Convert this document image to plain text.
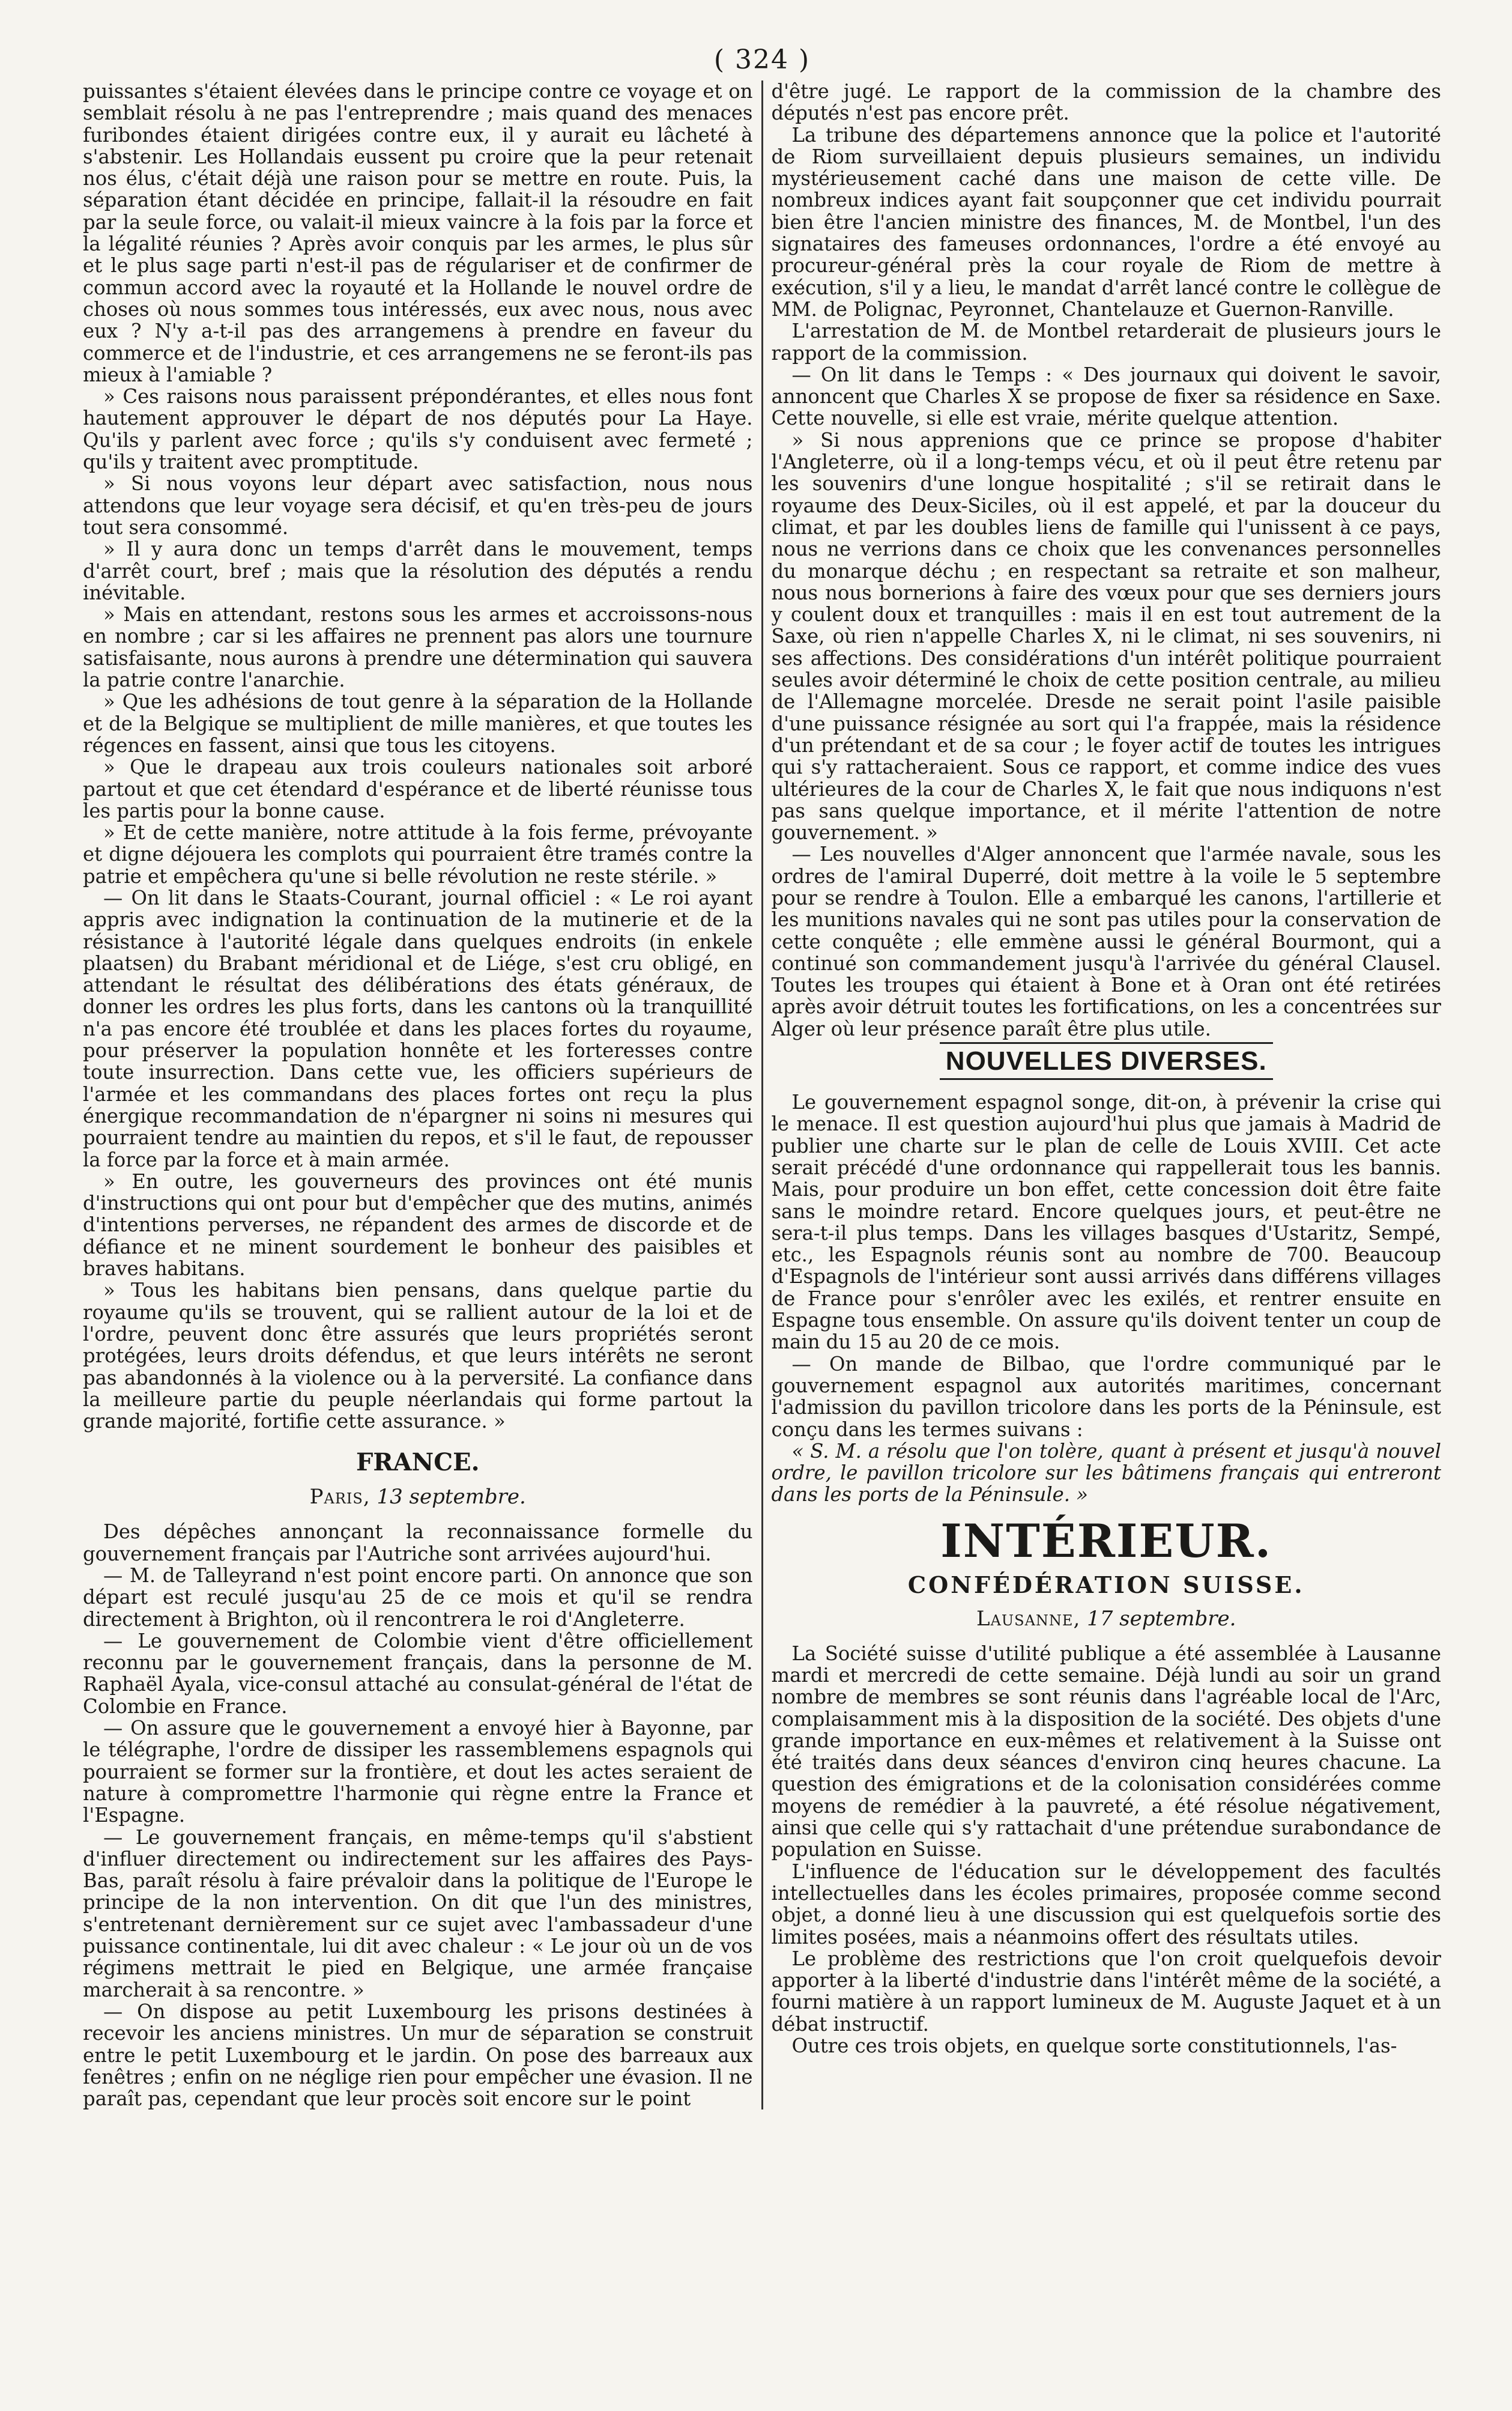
( 324 )

puissantes s'étaient élevées dans le principe contre ce voyage et on semblait résolu à ne pas l'entreprendre ; mais quand des menaces furibondes étaient dirigées contre eux, il y aurait eu lâcheté à s'abstenir. Les Hollandais eussent pu croire que la peur retenait nos élus, c'était déjà une raison pour se mettre en route. Puis, la séparation étant décidée en principe, fallait-il la résoudre en fait par la seule force, ou valait-il mieux vaincre à la fois par la force et la légalité réunies ? Après avoir conquis par les armes, le plus sûr et le plus sage parti n'est-il pas de régulariser et de confirmer de commun accord avec la royauté et la Hollande le nouvel ordre de choses où nous sommes tous intéressés, eux avec nous, nous avec eux ? N'y a-t-il pas des arrangemens à prendre en faveur du commerce et de l'industrie, et ces arrangemens ne se feront-ils pas mieux à l'amiable ?

» Ces raisons nous paraissent prépondérantes, et elles nous font hautement approuver le départ de nos députés pour La Haye. Qu'ils y parlent avec force ; qu'ils s'y conduisent avec fermeté ; qu'ils y traitent avec promptitude.

» Si nous voyons leur départ avec satisfaction, nous nous attendons que leur voyage sera décisif, et qu'en très-peu de jours tout sera consommé.

» Il y aura donc un temps d'arrêt dans le mouvement, temps d'arrêt court, bref ; mais que la résolution des députés a rendu inévitable.

» Mais en attendant, restons sous les armes et accroissons-nous en nombre ; car si les affaires ne prennent pas alors une tournure satisfaisante, nous aurons à prendre une détermination qui sauvera la patrie contre l'anarchie.

» Que les adhésions de tout genre à la séparation de la Hollande et de la Belgique se multiplient de mille manières, et que toutes les régences en fassent, ainsi que tous les citoyens.

» Que le drapeau aux trois couleurs nationales soit arboré partout et que cet étendard d'espérance et de liberté réunisse tous les partis pour la bonne cause.

» Et de cette manière, notre attitude à la fois ferme, prévoyante et digne déjouera les complots qui pourraient être tramés contre la patrie et empêchera qu'une si belle révolution ne reste stérile. »

— On lit dans le Staats-Courant, journal officiel : « Le roi ayant appris avec indignation la continuation de la mutinerie et de la résistance à l'autorité légale dans quelques endroits (in enkele plaatsen) du Brabant méridional et de Liége, s'est cru obligé, en attendant le résultat des délibérations des états généraux, de donner les ordres les plus forts, dans les cantons où la tranquillité n'a pas encore été troublée et dans les places fortes du royaume, pour préserver la population honnête et les forteresses contre toute insurrection. Dans cette vue, les officiers supérieurs de l'armée et les commandans des places fortes ont reçu la plus énergique recommandation de n'épargner ni soins ni mesures qui pourraient tendre au maintien du repos, et s'il le faut, de repousser la force par la force et à main armée.

» En outre, les gouverneurs des provinces ont été munis d'instructions qui ont pour but d'empêcher que des mutins, animés d'intentions perverses, ne répandent des armes de discorde et de défiance et ne minent sourdement le bonheur des paisibles et braves habitans.

» Tous les habitans bien pensans, dans quelque partie du royaume qu'ils se trouvent, qui se rallient autour de la loi et de l'ordre, peuvent donc être assurés que leurs propriétés seront protégées, leurs droits défendus, et que leurs intérêts ne seront pas abandonnés à la violence ou à la perversité. La confiance dans la meilleure partie du peuple néerlandais qui forme partout la grande majorité, fortifie cette assurance. »

FRANCE.
Paris, 13 septembre.

Des dépêches annonçant la reconnaissance formelle du gouvernement français par l'Autriche sont arrivées aujourd'hui.

— M. de Talleyrand n'est point encore parti. On annonce que son départ est reculé jusqu'au 25 de ce mois et qu'il se rendra directement à Brighton, où il rencontrera le roi d'Angleterre.

— Le gouvernement de Colombie vient d'être officiellement reconnu par le gouvernement français, dans la personne de M. Raphaël Ayala, vice-consul attaché au consulat-général de l'état de Colombie en France.

— On assure que le gouvernement a envoyé hier à Bayonne, par le télégraphe, l'ordre de dissiper les rassemblemens espagnols qui pourraient se former sur la frontière, et dout les actes seraient de nature à compromettre l'harmonie qui règne entre la France et l'Espagne.

— Le gouvernement français, en même-temps qu'il s'abstient d'influer directement ou indirectement sur les affaires des Pays-Bas, paraît résolu à faire prévaloir dans la politique de l'Europe le principe de la non intervention. On dit que l'un des ministres, s'entretenant dernièrement sur ce sujet avec l'ambassadeur d'une puissance continentale, lui dit avec chaleur : « Le jour où un de vos régimens mettrait le pied en Belgique, une armée française marcherait à sa rencontre. »

— On dispose au petit Luxembourg les prisons destinées à recevoir les anciens ministres. Un mur de séparation se construit entre le petit Luxembourg et le jardin. On pose des barreaux aux fenêtres ; enfin on ne néglige rien pour empêcher une évasion. Il ne paraît pas, cependant que leur procès soit encore sur le point

d'être jugé. Le rapport de la commission de la chambre des députés n'est pas encore prêt.

La tribune des départemens annonce que la police et l'autorité de Riom surveillaient depuis plusieurs semaines, un individu mystérieusement caché dans une maison de cette ville. De nombreux indices ayant fait soupçonner que cet individu pourrait bien être l'ancien ministre des finances, M. de Montbel, l'un des signataires des fameuses ordonnances, l'ordre a été envoyé au procureur-général près la cour royale de Riom de mettre à exécution, s'il y a lieu, le mandat d'arrêt lancé contre le collègue de MM. de Polignac, Peyronnet, Chantelauze et Guernon-Ranville.

L'arrestation de M. de Montbel retarderait de plusieurs jours le rapport de la commission.

— On lit dans le Temps : « Des journaux qui doivent le savoir, annoncent que Charles X se propose de fixer sa résidence en Saxe. Cette nouvelle, si elle est vraie, mérite quelque attention.

» Si nous apprenions que ce prince se propose d'habiter l'Angleterre, où il a long-temps vécu, et où il peut être retenu par les souvenirs d'une longue hospitalité ; s'il se retirait dans le royaume des Deux-Siciles, où il est appelé, et par la douceur du climat, et par les doubles liens de famille qui l'unissent à ce pays, nous ne verrions dans ce choix que les convenances personnelles du monarque déchu ; en respectant sa retraite et son malheur, nous nous bornerions à faire des vœux pour que ses derniers jours y coulent doux et tranquilles : mais il en est tout autrement de la Saxe, où rien n'appelle Charles X, ni le climat, ni ses souvenirs, ni ses affections. Des considérations d'un intérêt politique pourraient seules avoir déterminé le choix de cette position centrale, au milieu de l'Allemagne morcelée. Dresde ne serait point l'asile paisible d'une puissance résignée au sort qui l'a frappée, mais la résidence d'un prétendant et de sa cour ; le foyer actif de toutes les intrigues qui s'y rattacheraient. Sous ce rapport, et comme indice des vues ultérieures de la cour de Charles X, le fait que nous indiquons n'est pas sans quelque importance, et il mérite l'attention de notre gouvernement. »

— Les nouvelles d'Alger annoncent que l'armée navale, sous les ordres de l'amiral Duperré, doit mettre à la voile le 5 septembre pour se rendre à Toulon. Elle a embarqué les canons, l'artillerie et les munitions navales qui ne sont pas utiles pour la conservation de cette conquête ; elle emmène aussi le général Bourmont, qui a continué son commandement jusqu'à l'arrivée du général Clausel. Toutes les troupes qui étaient à Bone et à Oran ont été retirées après avoir détruit toutes les fortifications, on les a concentrées sur Alger où leur présence paraît être plus utile.

NOUVELLES DIVERSES.

Le gouvernement espagnol songe, dit-on, à prévenir la crise qui le menace. Il est question aujourd'hui plus que jamais à Madrid de publier une charte sur le plan de celle de Louis XVIII. Cet acte serait précédé d'une ordonnance qui rappellerait tous les bannis. Mais, pour produire un bon effet, cette concession doit être faite sans le moindre retard. Encore quelques jours, et peut-être ne sera-t-il plus temps. Dans les villages basques d'Ustaritz, Sempé, etc., les Espagnols réunis sont au nombre de 700. Beaucoup d'Espagnols de l'intérieur sont aussi arrivés dans différens villages de France pour s'enrôler avec les exilés, et rentrer ensuite en Espagne tous ensemble. On assure qu'ils doivent tenter un coup de main du 15 au 20 de ce mois.

— On mande de Bilbao, que l'ordre communiqué par le gouvernement espagnol aux autorités maritimes, concernant l'admission du pavillon tricolore dans les ports de la Péninsule, est conçu dans les termes suivans :

« S. M. a résolu que l'on tolère, quant à présent et jusqu'à nouvel ordre, le pavillon tricolore sur les bâtimens français qui entreront dans les ports de la Péninsule. »

INTÉRIEUR.
CONFÉDÉRATION SUISSE.
Lausanne, 17 septembre.

La Société suisse d'utilité publique a été assemblée à Lausanne mardi et mercredi de cette semaine. Déjà lundi au soir un grand nombre de membres se sont réunis dans l'agréable local de l'Arc, complaisamment mis à la disposition de la société. Des objets d'une grande importance en eux-mêmes et relativement à la Suisse ont été traités dans deux séances d'environ cinq heures chacune. La question des émigrations et de la colonisation considérées comme moyens de remédier à la pauvreté, a été résolue négativement, ainsi que celle qui s'y rattachait d'une prétendue surabondance de population en Suisse.

L'influence de l'éducation sur le développement des facultés intellectuelles dans les écoles primaires, proposée comme second objet, a donné lieu à une discussion qui est quelquefois sortie des limites posées, mais a néanmoins offert des résultats utiles.

Le problème des restrictions que l'on croit quelquefois devoir apporter à la liberté d'industrie dans l'intérêt même de la société, a fourni matière à un rapport lumineux de M. Auguste Jaquet et à un débat instructif.

Outre ces trois objets, en quelque sorte constitutionnels, l'as-
